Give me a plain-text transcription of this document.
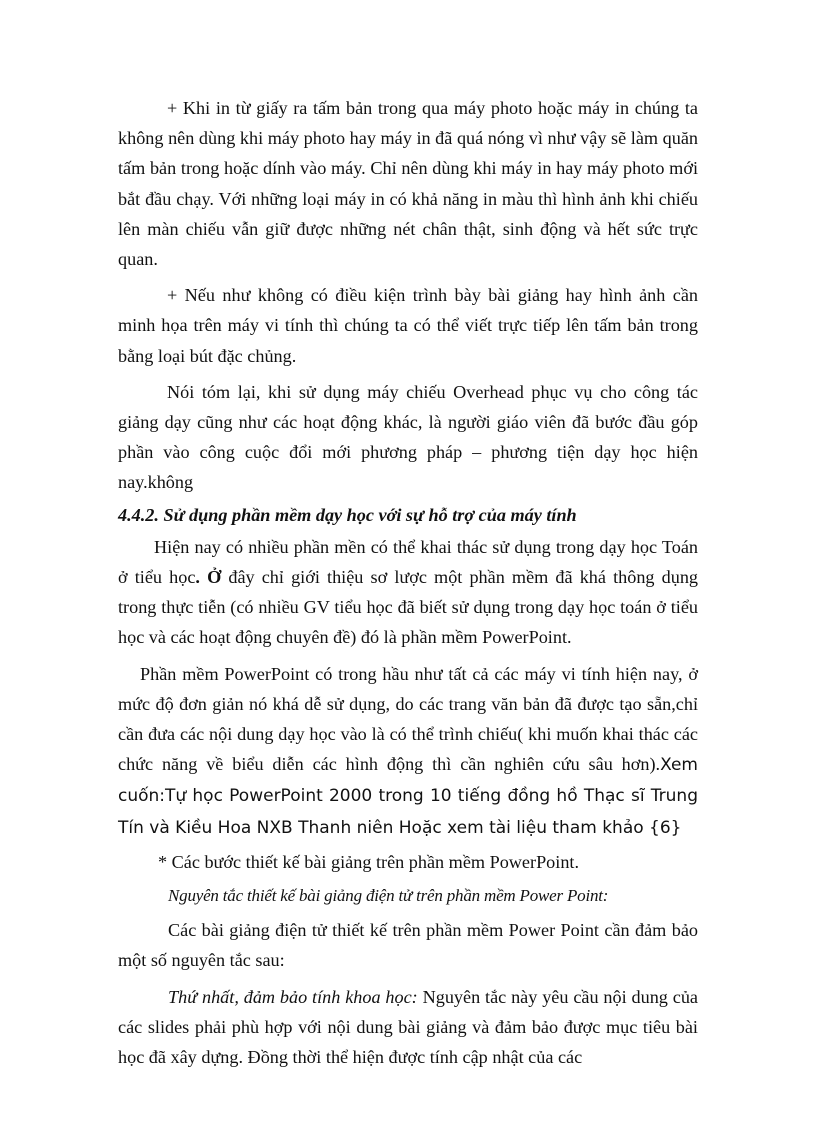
+ Khi in từ giấy ra tấm bản trong qua máy photo hoặc máy in chúng ta không nên dùng khi máy photo hay máy in đã quá nóng vì như vậy sẽ làm quăn tấm bản trong hoặc dính vào máy. Chỉ nên dùng khi máy in hay máy photo mới bắt đầu chạy. Với những loại máy in có khả năng in màu thì hình ảnh khi chiếu lên màn chiếu vẫn giữ được những nét chân thật, sinh động và hết sức trực quan.

+ Nếu như không có điều kiện trình bày bài giảng hay hình ảnh cần minh họa trên máy vi tính thì chúng ta có thể viết trực tiếp lên tấm bản trong bằng loại bút đặc chủng.

Nói tóm lại, khi sử dụng máy chiếu Overhead phục vụ cho công tác giảng dạy cũng như các hoạt động khác, là người giáo viên đã bước đầu góp phần vào công cuộc đổi mới phương pháp – phương tiện dạy học hiện nay.không

4.4.2. Sử dụng phần mềm dạy học với sự hỗ trợ của máy tính

Hiện nay có nhiều phần mền có thể khai thác sử dụng trong dạy học Toán ở tiểu học. Ở đây chỉ giới thiệu sơ lược một phần mềm đã khá thông dụng trong thực tiễn (có nhiều GV tiểu học đã biết sử dụng trong dạy học toán ở tiểu học và các hoạt động chuyên đề) đó là phần mềm PowerPoint.

Phần mềm PowerPoint có trong hầu như tất cả các máy vi tính hiện nay, ở mức độ đơn giản nó khá dễ sử dụng, do các trang văn bản đã được tạo sẵn,chỉ cần đưa các nội dung dạy học vào là có thể trình chiếu( khi muốn khai thác các chức năng về biểu diễn các hình động thì cần nghiên cứu sâu hơn).Xem cuốn:Tự học PowerPoint 2000 trong 10 tiếng đồng hồ Thạc sĩ Trung Tín và Kiều Hoa NXB Thanh niên Hoặc xem tài liệu tham khảo {6}

* Các bước thiết kế bài giảng trên phần mềm PowerPoint.

Nguyên tắc thiết kế bài giảng điện tử trên phần mềm Power Point:

Các bài giảng điện tử thiết kế trên phần mềm Power Point cần đảm bảo một số nguyên tắc sau:

Thứ nhất, đảm bảo tính khoa học: Nguyên tắc này yêu cầu nội dung của các slides phải phù hợp với nội dung bài giảng và đảm bảo được mục tiêu bài học đã xây dựng. Đồng thời thể hiện được tính cập nhật của các
